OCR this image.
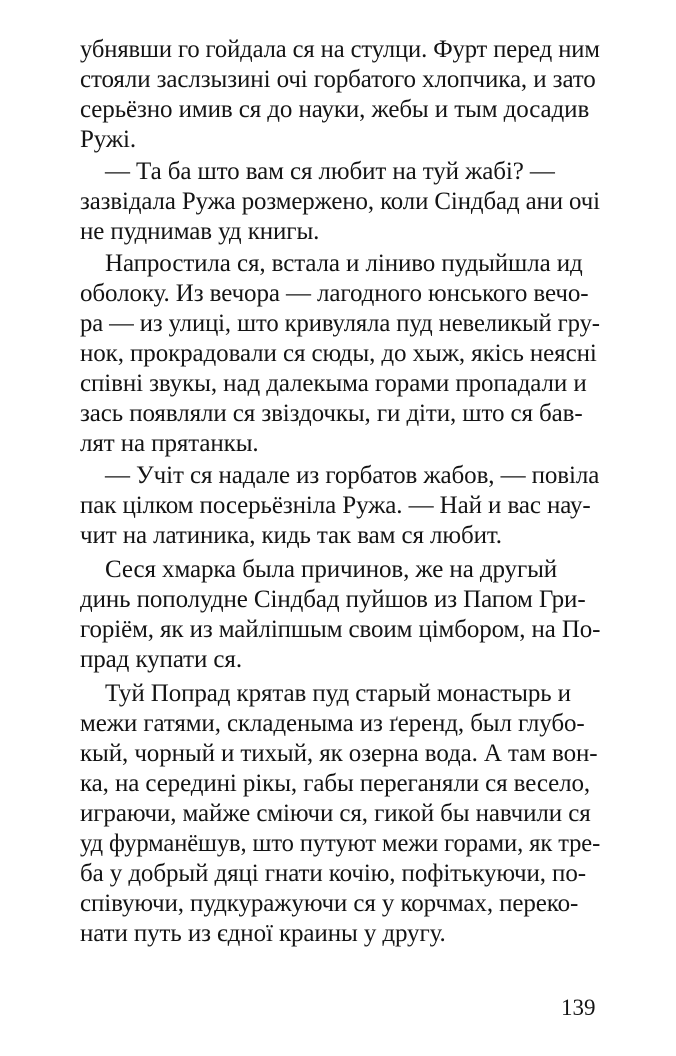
убнявши го гойдала ся на стулци. Фурт перед ним
стояли заслзызині очі горбатого хлопчика, и зато
серьёзно имив ся до науки, жебы и тым досадив
Ружі.
— Та ба што вам ся любит на туй жабі? —
зазвідала Ружа розмержено, коли Сіндбад ани очі
не пуднимав уд книгы.
Напростила ся, встала и ліниво пудыйшла ид
оболоку. Из вечора — лагодного юнського вечо-
ра — из улиці, што кривуляла пуд невеликый гру-
нок, прокрадовали ся сюды, до хыж, якісь неясні
співні звукы, над далекыма горами пропадали и
зась появляли ся звіздочкы, ги діти, што ся бав-
лят на прятанкы.
— Учіт ся надале из горбатов жабов, — повіла
пак цілком посерьёзніла Ружа. — Най и вас нау-
чит на латиника, кидь так вам ся любит.
Сеся хмарка была причинов, же на другый
динь пополудне Сіндбад пуйшов из Папом Гри-
горіём, як из майліпшым своим цімбором, на По-
прад купати ся.
Туй Попрад крятав пуд старый монастырь и
межи гатями, складеныма из ґеренд, был глубо-
кый, чорный и тихый, як озерна вода. А там вон-
ка, на середині рікы, габы переганяли ся весело,
играючи, майже сміючи ся, гикой бы навчили ся
уд фурманёшув, што путуют межи горами, як тре-
ба у добрый дяці гнати кочію, пофітькуючи, по-
співуючи, пудкуражуючи ся у корчмах, переко-
нати путь из єдної краины у другу.
139
